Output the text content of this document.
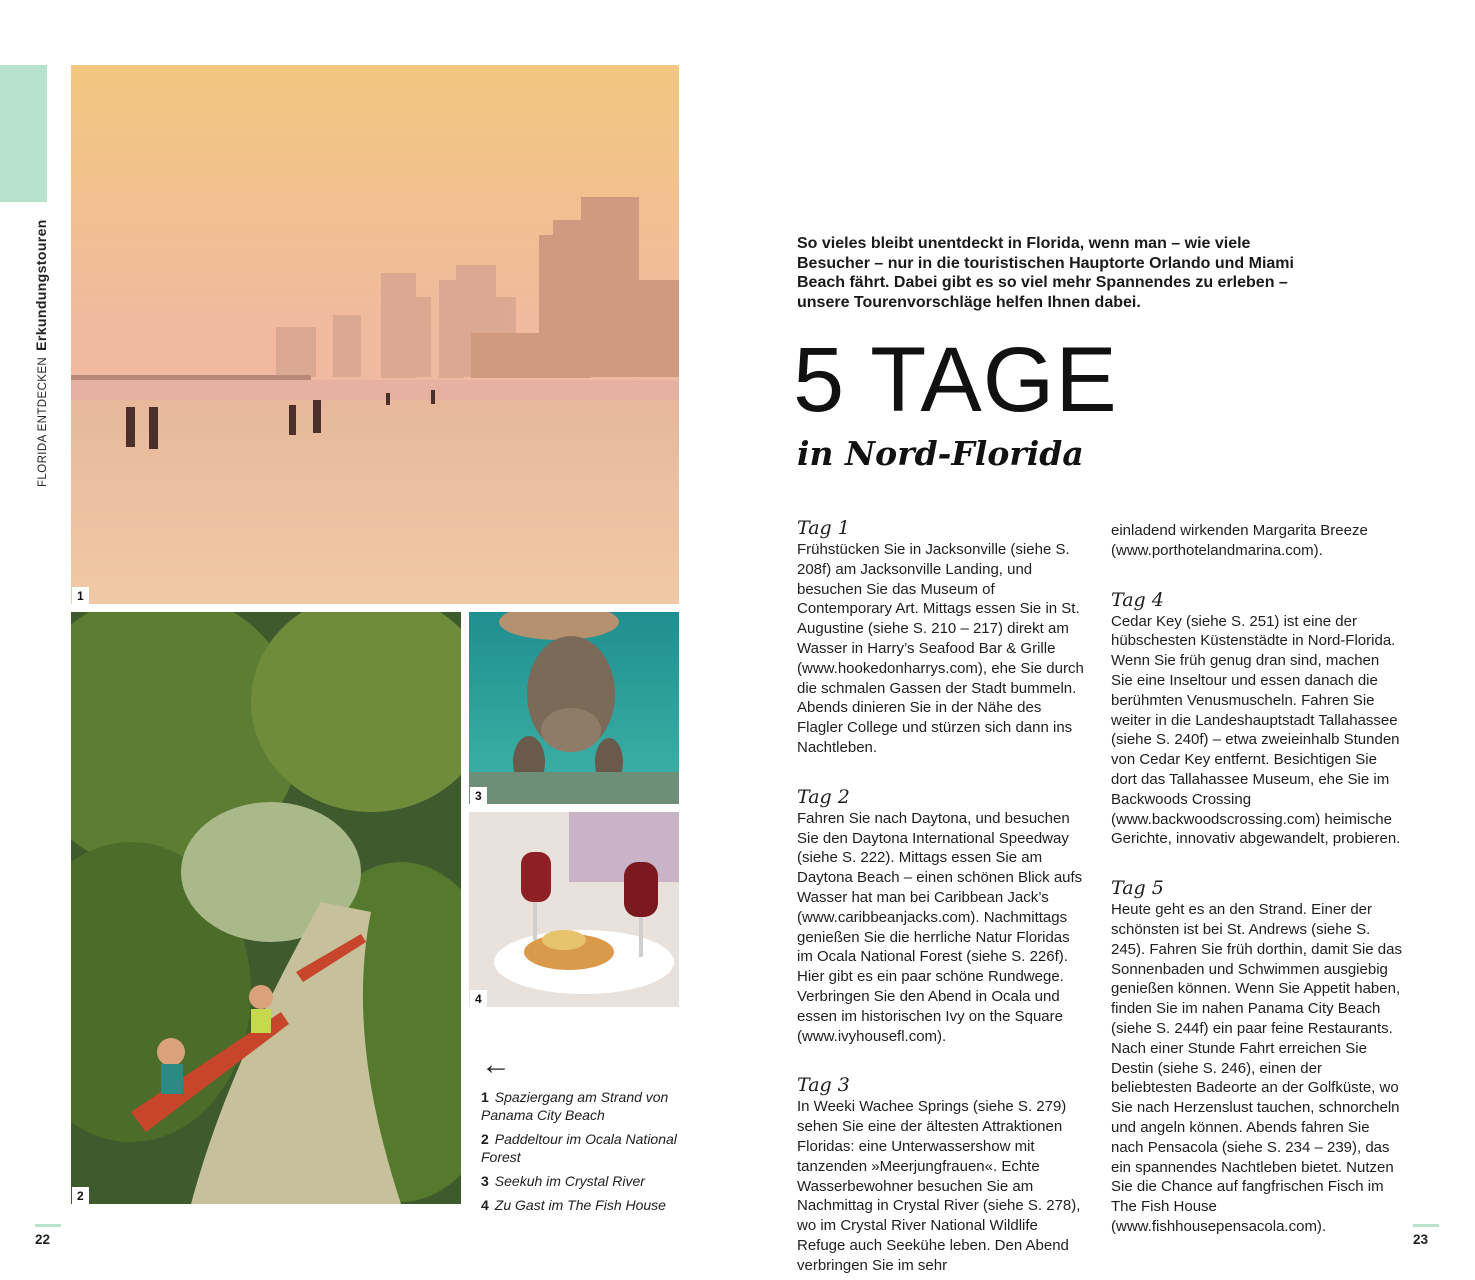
FLORIDA ENTDECKENErkundungstouren
1
2
3
4
←
1 Spaziergang am Strand von Panama City Beach
2 Paddeltour im Ocala National Forest
3 Seekuh im Crystal River
4 Zu Gast im The Fish House
So vieles bleibt unentdeckt in Florida, wenn man – wie viele Besucher – nur in die touristischen Hauptorte Orlando und Miami Beach fährt. Dabei gibt es so viel mehr Spannendes zu erleben – unsere Tourenvorschläge helfen Ihnen dabei.
5 TAGE
in Nord-Florida

Tag 1

Frühstücken Sie in Jacksonville (siehe S. 208f) am Jacksonville Landing, und besuchen Sie das Museum of Contemporary Art. Mittags essen Sie in St. Augustine (siehe S. 210 – 217) direkt am Wasser in Harry’s Seafood Bar & Grille (www.hookedonharrys.com), ehe Sie durch die schmalen Gassen der Stadt bummeln. Abends dinieren Sie in der Nähe des Flagler College und stürzen sich dann ins Nachtleben.

Tag 2

Fahren Sie nach Daytona, und besuchen Sie den Daytona International Speedway (siehe S. 222). Mittags essen Sie am Daytona Beach – einen schönen Blick aufs Wasser hat man bei Caribbean Jack’s (www.caribbeanjacks.com). Nachmittags genießen Sie die herrliche Natur Floridas im Ocala National Forest (siehe S. 226f). Hier gibt es ein paar schöne Rundwege. Verbringen Sie den Abend in Ocala und essen im historischen Ivy on the Square (www.ivyhousefl.com).

Tag 3

In Weeki Wachee Springs (siehe S. 279) sehen Sie eine der ältesten Attraktionen Floridas: eine Unterwassershow mit tanzenden »Meerjungfrauen«. Echte Wasserbewohner besuchen Sie am Nachmittag in Crystal River (siehe S. 278), wo im Crystal River National Wildlife Refuge auch Seekühe leben. Den Abend verbringen Sie im sehr

einladend wirkenden Margarita Breeze (www.porthotelandmarina.com).

Tag 4

Cedar Key (siehe S. 251) ist eine der hübschesten Küstenstädte in Nord-Florida. Wenn Sie früh genug dran sind, machen Sie eine Inseltour und essen danach die berühmten Venusmuscheln. Fahren Sie weiter in die Landeshauptstadt Tallahassee (siehe S. 240f) – etwa zweieinhalb Stunden von Cedar Key entfernt. Besichtigen Sie dort das Tallahassee Museum, ehe Sie im Backwoods Crossing (www.backwoodscrossing.com) heimische Gerichte, innovativ abgewandelt, probieren.

Tag 5

Heute geht es an den Strand. Einer der schönsten ist bei St. Andrews (siehe S. 245). Fahren Sie früh dorthin, damit Sie das Sonnenbaden und Schwimmen ausgiebig genießen können. Wenn Sie Appetit haben, finden Sie im nahen Panama City Beach (siehe S. 244f) ein paar feine Restaurants. Nach einer Stunde Fahrt erreichen Sie Destin (siehe S. 246), einen der beliebtesten Badeorte an der Golfküste, wo Sie nach Herzenslust tauchen, schnorcheln und angeln können. Abends fahren Sie nach Pensacola (siehe S. 234 – 239), das ein spannendes Nachtleben bietet. Nutzen Sie die Chance auf fangfrischen Fisch im The Fish House (www.fishhousepensacola.com).

22	23
